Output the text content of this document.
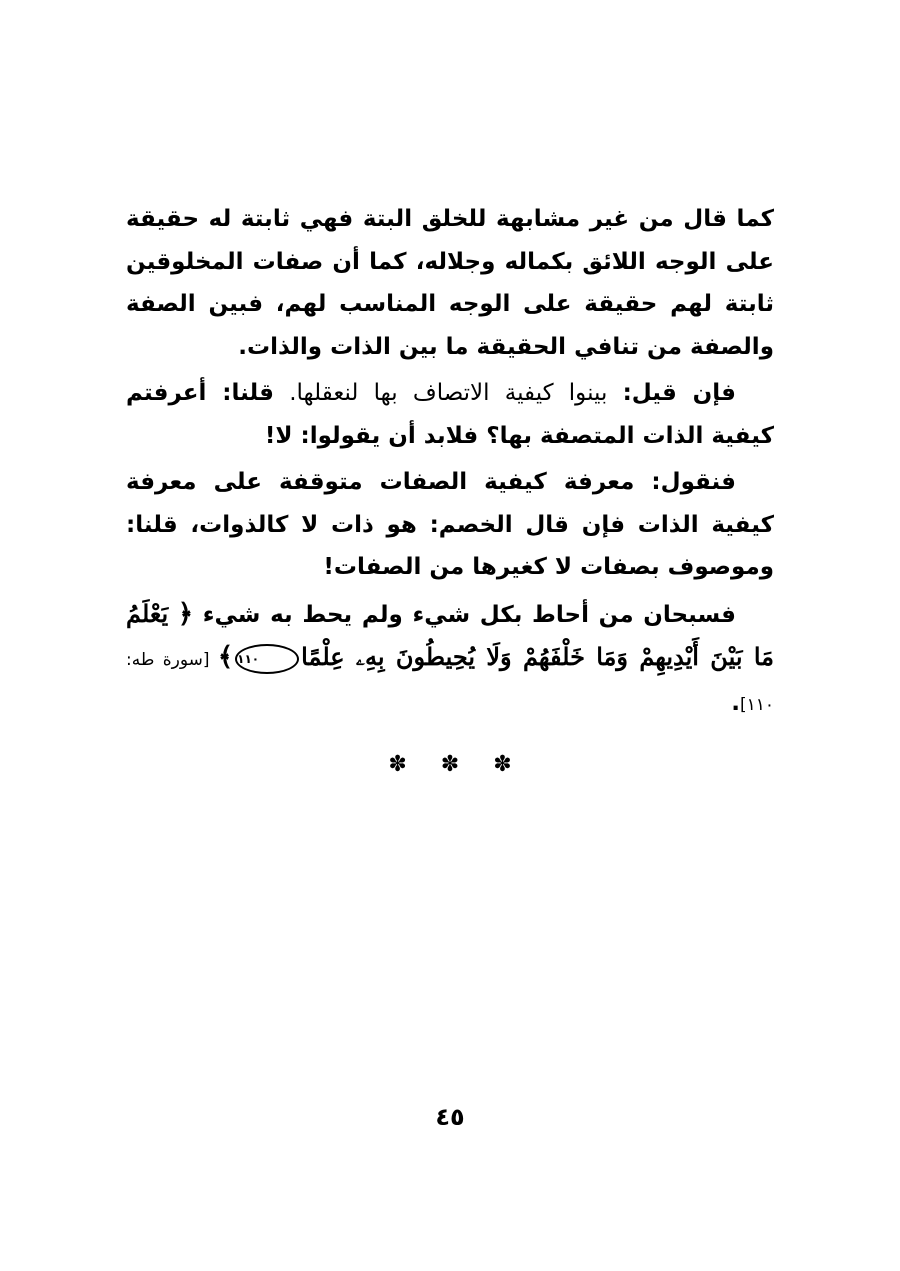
كما قال من غير مشابهة للخلق البتة فهي ثابتة له حقيقة على الوجه اللائق بكماله وجلاله، كما أن صفات المخلوقين ثابتة لهم حقيقة على الوجه المناسب لهم، فبين الصفة والصفة من تنافي الحقيقة ما بين الذات والذات.

فإن قيل: بينوا كيفية الاتصاف بها لنعقلها. قلنا: أعرفتم كيفية الذات المتصفة بها؟ فلابد أن يقولوا: لا!

فنقول: معرفة كيفية الصفات متوقفة على معرفة كيفية الذات فإن قال الخصم: هو ذات لا كالذوات، قلنا: وموصوف بصفات لا كغيرها من الصفات!

فسبحان من أحاط بكل شيء ولم يحط به شيء ﴿ يَعْلَمُ مَا بَيْنَ أَيْدِيهِمْ وَمَا خَلْفَهُمْ وَلَا يُحِيطُونَ بِهِۦ عِلْمًا١١٠﴾ [سورة طه: ١١٠].

✽ ✽ ✽
٤٥
